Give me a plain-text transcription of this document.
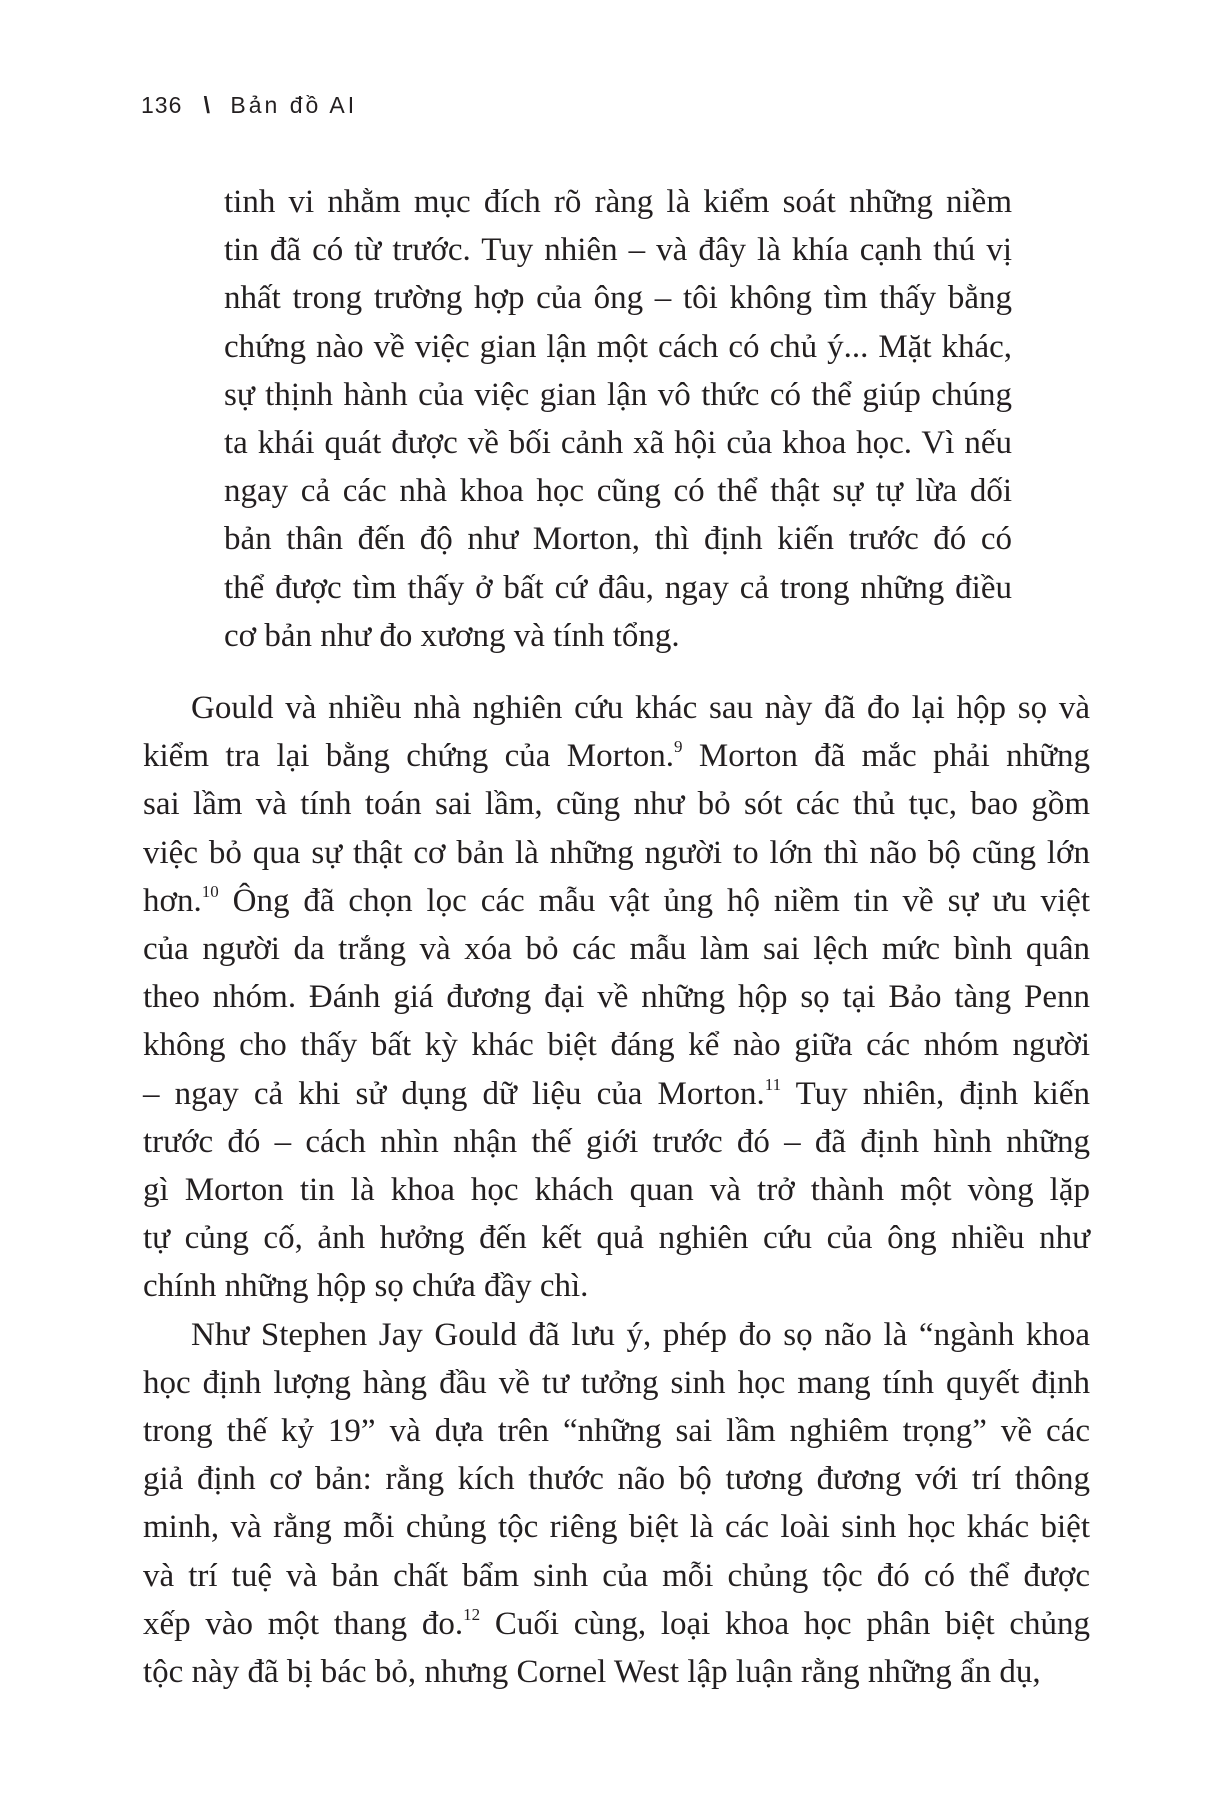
136 \ Bản đồ AI
tinh vi nhằm mục đích rõ ràng là kiểm soát những niềm
tin đã có từ trước. Tuy nhiên – và đây là khía cạnh thú vị
nhất trong trường hợp của ông – tôi không tìm thấy bằng
chứng nào về việc gian lận một cách có chủ ý... Mặt khác,
sự thịnh hành của việc gian lận vô thức có thể giúp chúng
ta khái quát được về bối cảnh xã hội của khoa học. Vì nếu
ngay cả các nhà khoa học cũng có thể thật sự tự lừa dối
bản thân đến độ như Morton, thì định kiến trước đó có
thể được tìm thấy ở bất cứ đâu, ngay cả trong những điều
cơ bản như đo xương và tính tổng.

Gould và nhiều nhà nghiên cứu khác sau này đã đo lại hộp sọ và
kiểm tra lại bằng chứng của Morton.$^9$ Morton đã mắc phải những
sai lầm và tính toán sai lầm, cũng như bỏ sót các thủ tục, bao gồm
việc bỏ qua sự thật cơ bản là những người to lớn thì não bộ cũng lớn
hơn.$^{10}$ Ông đã chọn lọc các mẫu vật ủng hộ niềm tin về sự ưu việt
của người da trắng và xóa bỏ các mẫu làm sai lệch mức bình quân
theo nhóm. Đánh giá đương đại về những hộp sọ tại Bảo tàng Penn
không cho thấy bất kỳ khác biệt đáng kể nào giữa các nhóm người
– ngay cả khi sử dụng dữ liệu của Morton.$^{11}$ Tuy nhiên, định kiến
trước đó – cách nhìn nhận thế giới trước đó – đã định hình những
gì Morton tin là khoa học khách quan và trở thành một vòng lặp
tự củng cố, ảnh hưởng đến kết quả nghiên cứu của ông nhiều như
chính những hộp sọ chứa đầy chì.

Như Stephen Jay Gould đã lưu ý, phép đo sọ não là “ngành khoa
học định lượng hàng đầu về tư tưởng sinh học mang tính quyết định
trong thế kỷ 19” và dựa trên “những sai lầm nghiêm trọng” về các
giả định cơ bản: rằng kích thước não bộ tương đương với trí thông
minh, và rằng mỗi chủng tộc riêng biệt là các loài sinh học khác biệt
và trí tuệ và bản chất bẩm sinh của mỗi chủng tộc đó có thể được
xếp vào một thang đo.$^{12}$ Cuối cùng, loại khoa học phân biệt chủng
tộc này đã bị bác bỏ, nhưng Cornel West lập luận rằng những ẩn dụ,
